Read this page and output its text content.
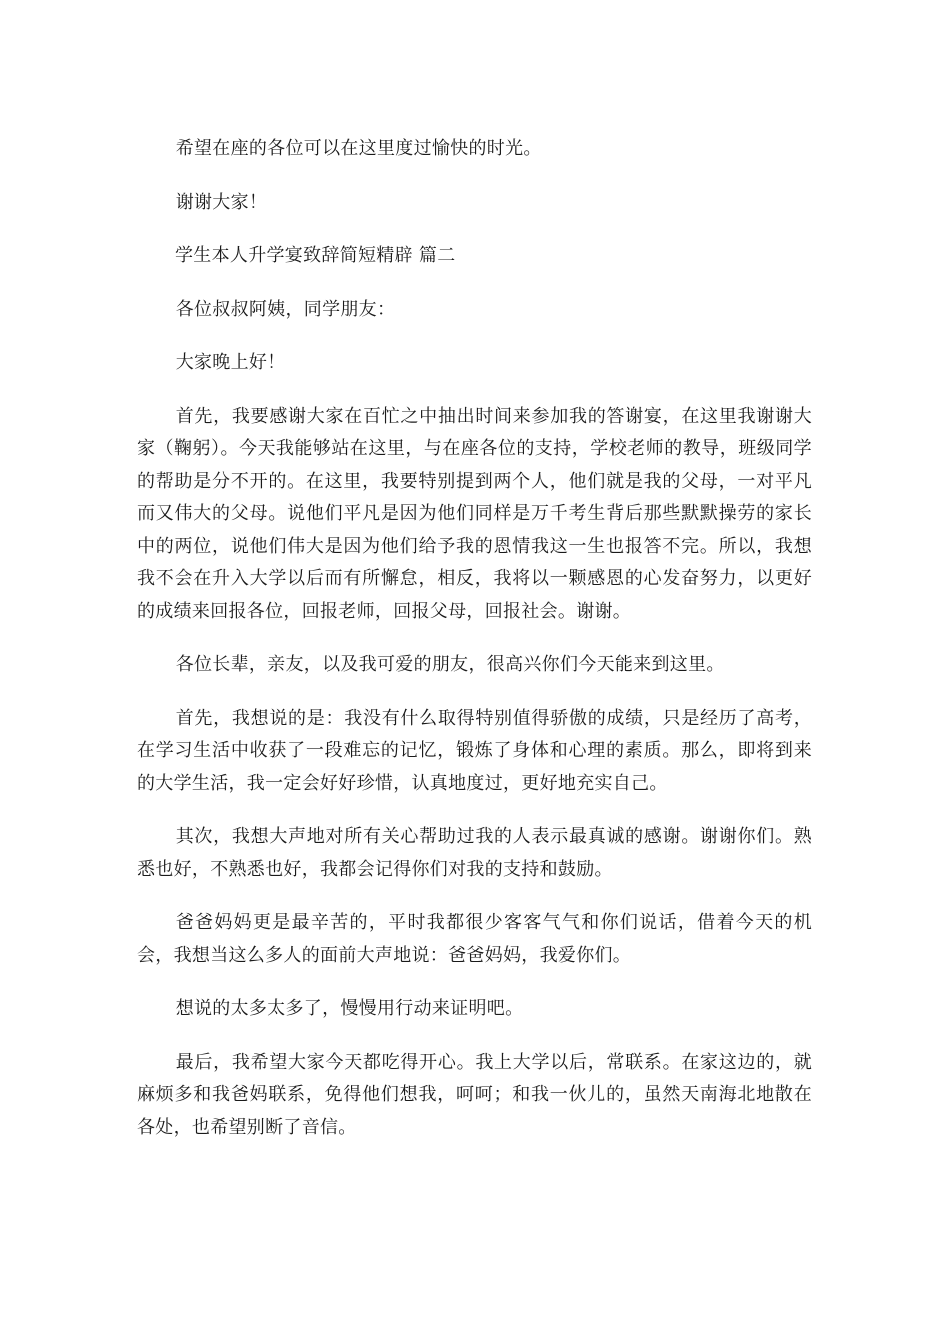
希望在座的各位可以在这里度过愉快的时光。

谢谢大家！

学生本人升学宴致辞简短精辟 篇二

各位叔叔阿姨，同学朋友：

大家晚上好！

首先，我要感谢大家在百忙之中抽出时间来参加我的答谢宴，在这里我谢谢大家（鞠躬）。今天我能够站在这里，与在座各位的支持，学校老师的教导，班级同学的帮助是分不开的。在这里，我要特别提到两个人，他们就是我的父母，一对平凡而又伟大的父母。说他们平凡是因为他们同样是万千考生背后那些默默操劳的家长中的两位，说他们伟大是因为他们给予我的恩情我这一生也报答不完。所以，我想我不会在升入大学以后而有所懈怠，相反，我将以一颗感恩的心发奋努力，以更好的成绩来回报各位，回报老师，回报父母，回报社会。谢谢。

各位长辈，亲友，以及我可爱的朋友，很高兴你们今天能来到这里。

首先，我想说的是：我没有什么取得特别值得骄傲的成绩，只是经历了高考，在学习生活中收获了一段难忘的记忆，锻炼了身体和心理的素质。那么，即将到来的大学生活，我一定会好好珍惜，认真地度过，更好地充实自己。

其次，我想大声地对所有关心帮助过我的人表示最真诚的感谢。谢谢你们。熟悉也好，不熟悉也好，我都会记得你们对我的支持和鼓励。

爸爸妈妈更是最辛苦的，平时我都很少客客气气和你们说话，借着今天的机会，我想当这么多人的面前大声地说：爸爸妈妈，我爱你们。

想说的太多太多了，慢慢用行动来证明吧。

最后，我希望大家今天都吃得开心。我上大学以后，常联系。在家这边的，就麻烦多和我爸妈联系，免得他们想我，呵呵；和我一伙儿的，虽然天南海北地散在各处，也希望别断了音信。
